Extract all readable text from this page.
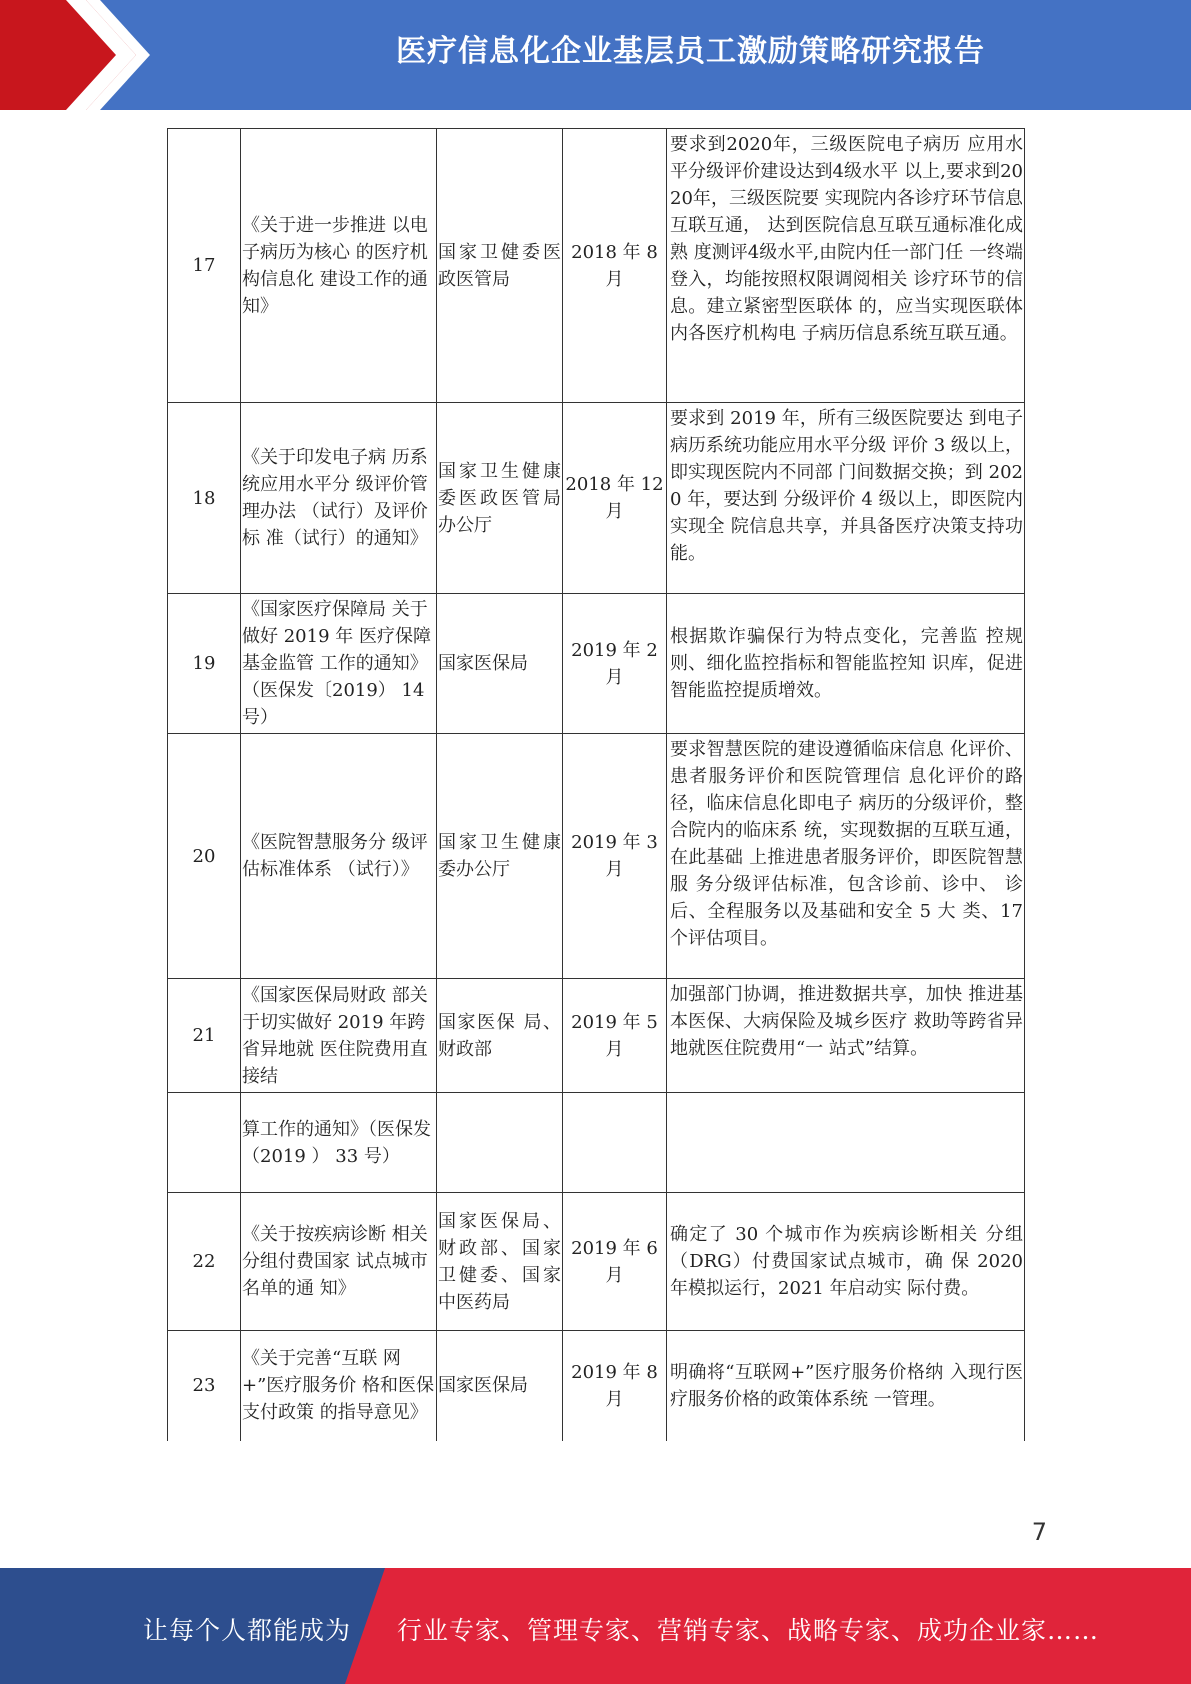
医疗信息化企业基层员工激励策略研究报告
17	《关于进一步推进 以电子病历为核心 的医疗机构信息化 建设工作的通知》	国家卫健委医政医管局	2018 年 8月	要求到2020年，三级医院电子病历 应用水平分级评价建设达到4级水平 以上,要求到2020年，三级医院要 实现院内各诊疗环节信息互联互通， 达到医院信息互联互通标准化成熟 度测评4级水平,由院内任一部门任 一终端登入，均能按照权限调阅相关 诊疗环节的信息。建立紧密型医联体 的，应当实现医联体内各医疗机构电 子病历信息系统互联互通。
18	《关于印发电子病 历系统应用水平分 级评价管理办法 （试行）及评价标 准（试行）的通知》	国家卫生健康委医政医管局办公厅	2018 年 12月	要求到 2019 年，所有三级医院要达 到电子病历系统功能应用水平分级 评价 3 级以上，即实现医院内不同部 门间数据交换；到 2020 年，要达到 分级评价 4 级以上，即医院内实现全 院信息共享，并具备医疗决策支持功 能。
19	《国家医疗保障局 关于做好 2019 年 医疗保障基金监管 工作的通知》（医保发〔2019） 14 号）	国家医保局	2019 年 2月	根据欺诈骗保行为特点变化，完善监 控规则、细化监控指标和智能监控知 识库，促进智能监控提质增效。
20	《医院智慧服务分 级评估标准体系 （试行）》	国家卫生健康委办公厅	2019 年 3月	要求智慧医院的建设遵循临床信息 化评价、患者服务评价和医院管理信 息化评价的路径，临床信息化即电子 病历的分级评价，整合院内的临床系 统，实现数据的互联互通，在此基础 上推进患者服务评价，即医院智慧服 务分级评估标准，包含诊前、诊中、 诊后、全程服务以及基础和安全 5 大 类、17 个评估项目。
21	《国家医保局财政 部关于切实做好 2019 年跨省异地就 医住院费用直接结	国家医保 局、财政部	2019 年 5月	加强部门协调，推进数据共享，加快 推进基本医保、大病保险及城乡医疗 救助等跨省异地就医住院费用“一 站式”结算。
	算工作的通知》（医保发（2019 ） 33 号）			
22	《关于按疾病诊断 相关分组付费国家 试点城市名单的通 知》	国家医保局、财政部、国家卫健委、国家中医药局	2019 年 6月	确定了 30 个城市作为疾病诊断相关 分组（DRG）付费国家试点城市，确 保 2020 年模拟运行，2021 年启动实 际付费。
23	《关于完善“互联 网+”医疗服务价 格和医保支付政策 的指导意见》	国家医保局	2019 年 8月	明确将“互联网+”医疗服务价格纳 入现行医疗服务价格的政策体系统 一管理。
7
让每个人都能成为 行业专家、管理专家、营销专家、战略专家、成功企业家……
